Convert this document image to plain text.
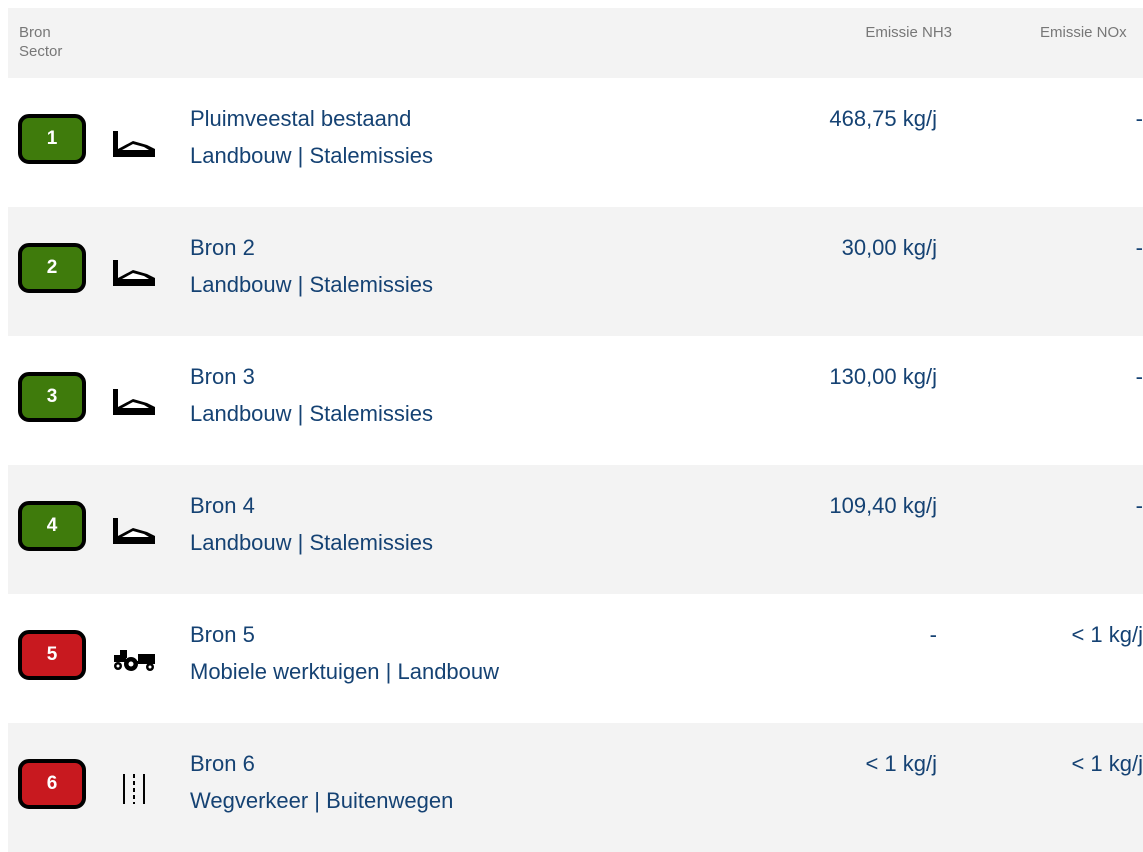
Bron
Sector
Emissie NH3	Emissie NOx
1
Pluimveestal bestaand
Landbouw | Stalemissies
468,75 kg/j	-
2
Bron 2
Landbouw | Stalemissies
30,00 kg/j	-
3
Bron 3
Landbouw | Stalemissies
130,00 kg/j	-
4
Bron 4
Landbouw | Stalemissies
109,40 kg/j	-
5
Bron 5
Mobiele werktuigen | Landbouw
-	< 1 kg/j
6
Bron 6
Wegverkeer | Buitenwegen
< 1 kg/j	< 1 kg/j
